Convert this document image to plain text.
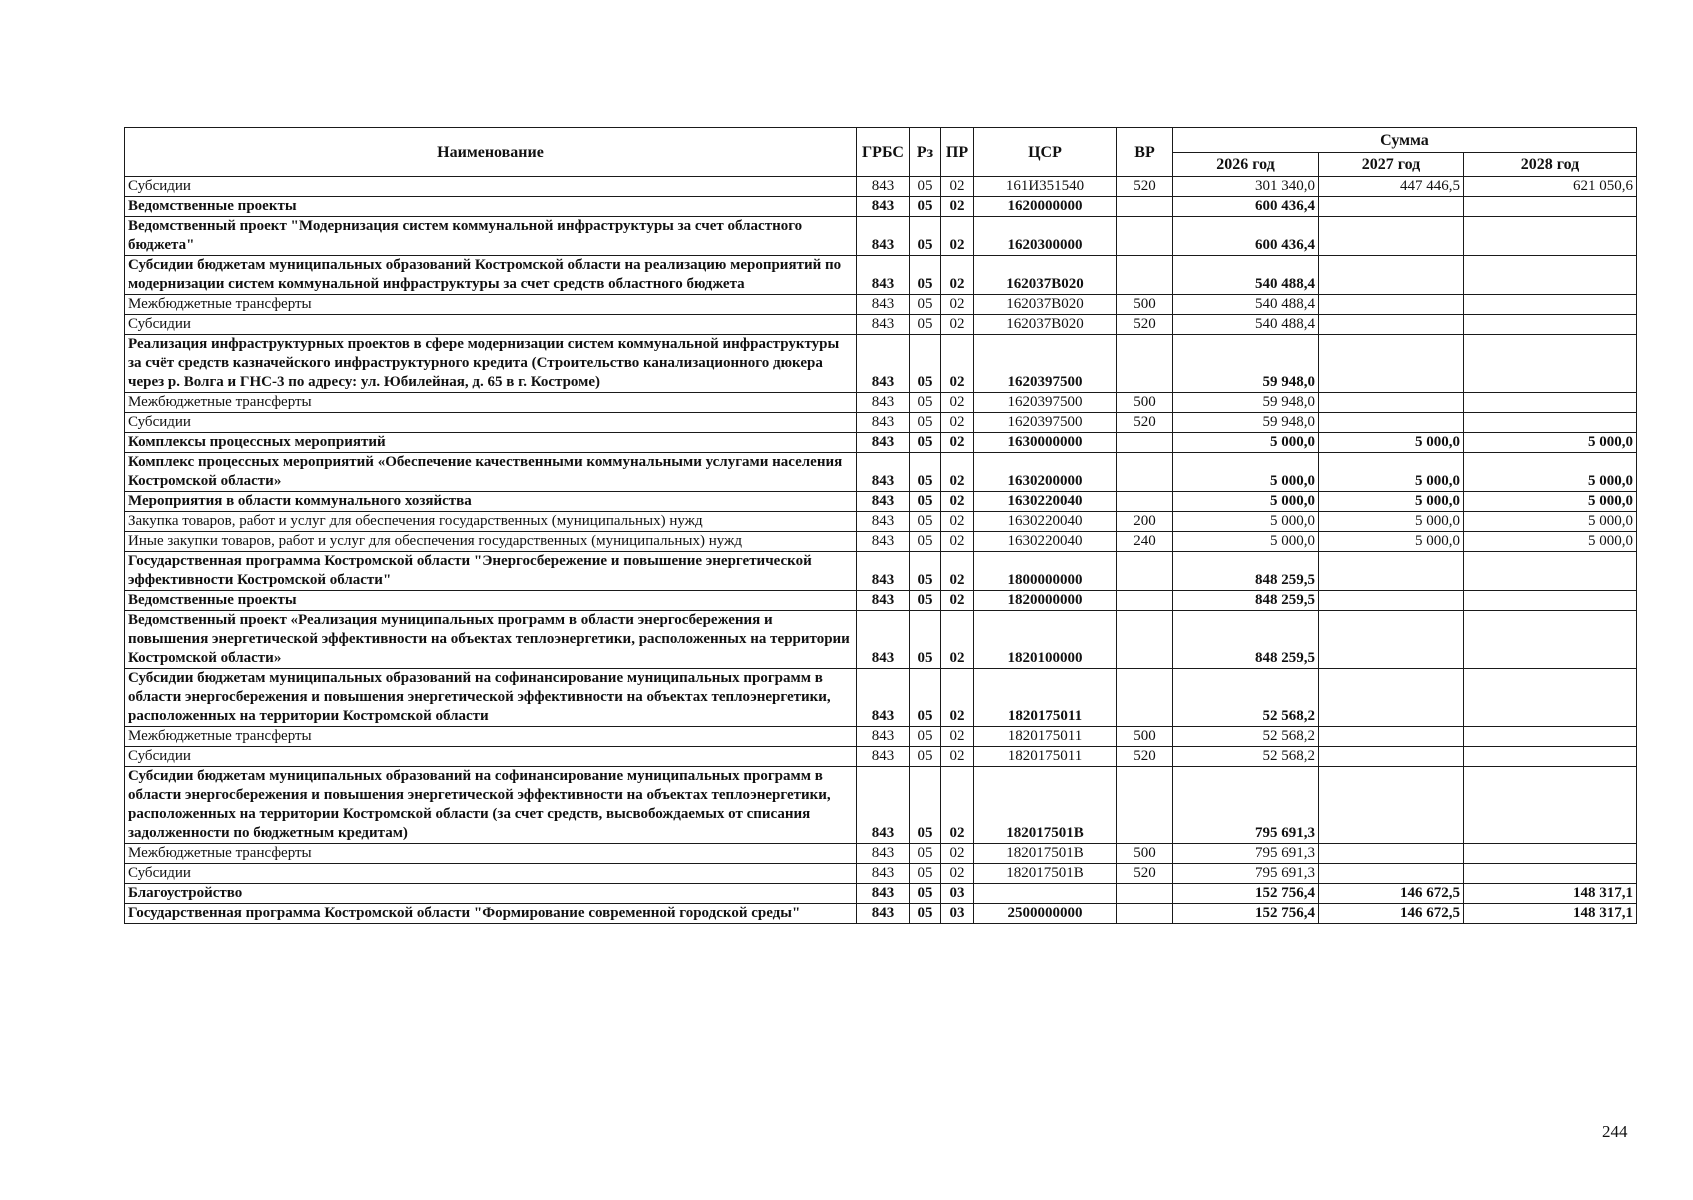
Наименование	ГРБС	Рз	ПР	ЦСР	ВР	Сумма		
						2026 год	2027 год	2028 год
Субсидии	843	05	02	161И351540	520	301 340,0	447 446,5	621 050,6
Ведомственные проекты	843	05	02	1620000000		600 436,4		
Ведомственный проект "Модернизация систем коммунальной инфраструктуры за счет областного бюджета"	843	05	02	1620300000		600 436,4		
Субсидии бюджетам муниципальных образований Костромской области на реализацию мероприятий по модернизации систем коммунальной инфраструктуры за счет средств областного бюджета	843	05	02	162037В020		540 488,4		
Межбюджетные трансферты	843	05	02	162037В020	500	540 488,4		
Субсидии	843	05	02	162037В020	520	540 488,4		
Реализация инфраструктурных проектов в сфере модернизации систем коммунальной инфраструктуры за счёт средств казначейского инфраструктурного кредита (Строительство канализационного дюкера через р. Волга и ГНС-3 по адресу: ул. Юбилейная, д. 65 в г. Костроме)	843	05	02	1620397500		59 948,0		
Межбюджетные трансферты	843	05	02	1620397500	500	59 948,0		
Субсидии	843	05	02	1620397500	520	59 948,0		
Комплексы процессных мероприятий	843	05	02	1630000000		5 000,0	5 000,0	5 000,0
Комплекс процессных мероприятий «Обеспечение качественными коммунальными услугами населения Костромской области»	843	05	02	1630200000		5 000,0	5 000,0	5 000,0
Мероприятия в области коммунального хозяйства	843	05	02	1630220040		5 000,0	5 000,0	5 000,0
Закупка товаров, работ и услуг для обеспечения государственных (муниципальных) нужд	843	05	02	1630220040	200	5 000,0	5 000,0	5 000,0
Иные закупки товаров, работ и услуг для обеспечения государственных (муниципальных) нужд	843	05	02	1630220040	240	5 000,0	5 000,0	5 000,0
Государственная программа Костромской области "Энергосбережение и повышение энергетической эффективности Костромской области"	843	05	02	1800000000		848 259,5		
Ведомственные проекты	843	05	02	1820000000		848 259,5		
Ведомственный проект «Реализация муниципальных программ в области энергосбережения и повышения энергетической эффективности на объектах теплоэнергетики, расположенных на территории Костромской области»	843	05	02	1820100000		848 259,5		
Субсидии бюджетам муниципальных образований на софинансирование муниципальных программ в области энергосбережения и повышения энергетической эффективности на объектах теплоэнергетики, расположенных на территории Костромской области	843	05	02	1820175011		52 568,2		
Межбюджетные трансферты	843	05	02	1820175011	500	52 568,2		
Субсидии	843	05	02	1820175011	520	52 568,2		
Субсидии бюджетам муниципальных образований на софинансирование муниципальных программ в области энергосбережения и повышения энергетической эффективности на объектах теплоэнергетики, расположенных на территории Костромской области (за счет средств, высвобождаемых от списания задолженности по бюджетным кредитам)	843	05	02	182017501В		795 691,3		
Межбюджетные трансферты	843	05	02	182017501В	500	795 691,3		
Субсидии	843	05	02	182017501В	520	795 691,3		
Благоустройство	843	05	03			152 756,4	146 672,5	148 317,1
Государственная программа Костромской области "Формирование современной городской среды"	843	05	03	2500000000		152 756,4	146 672,5	148 317,1
244
